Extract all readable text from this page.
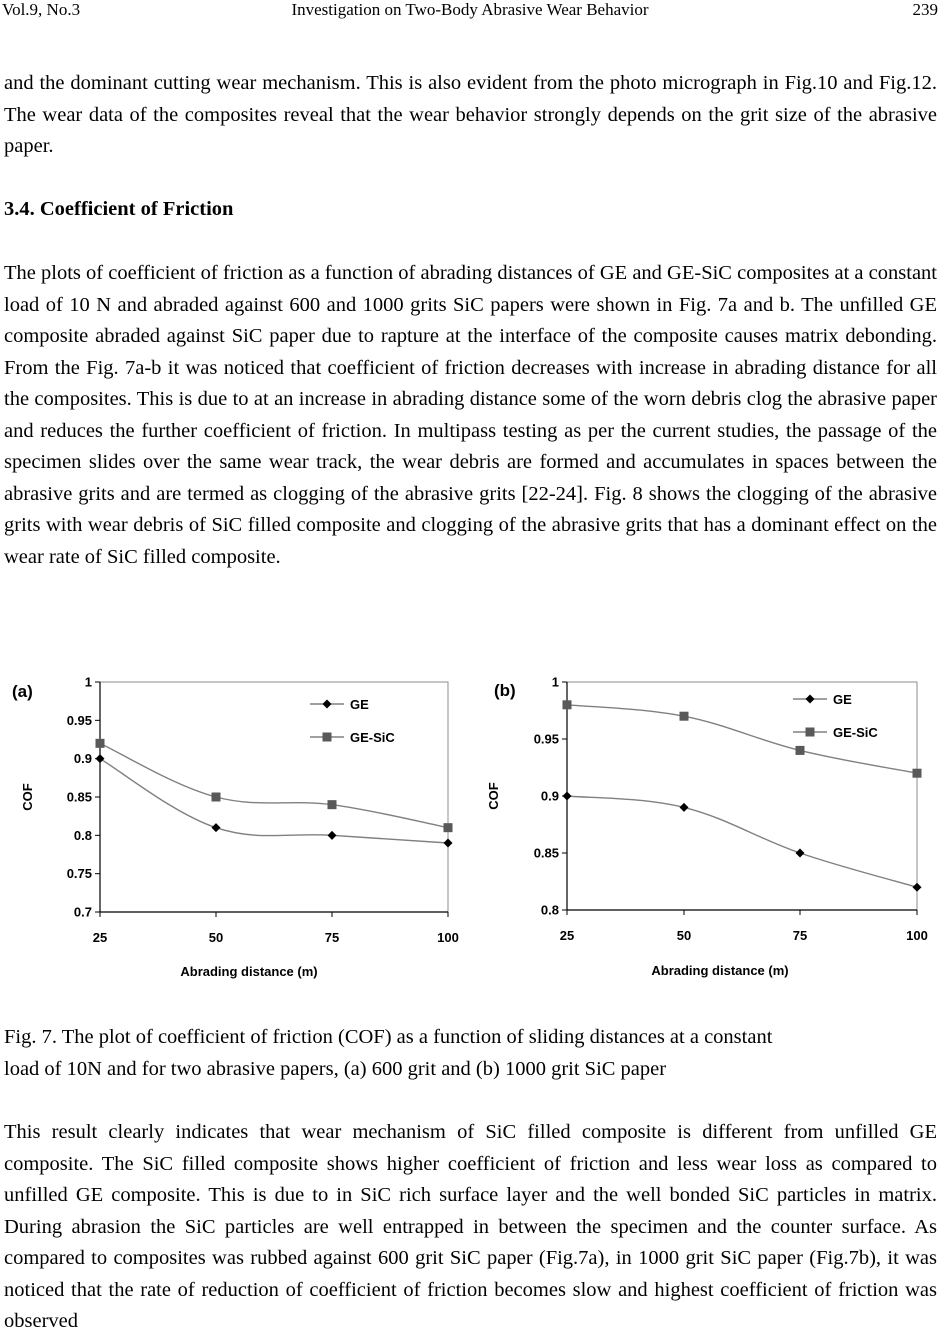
Vol.9, No.3	Investigation on Two-Body Abrasive Wear Behavior	239

and the dominant cutting wear mechanism. This is also evident from the photo micrograph in Fig.10 and Fig.12. The wear data of the composites reveal that the wear behavior strongly depends on the grit size of the abrasive paper.

3.4. Coefficient of Friction

The plots of coefficient of friction as a function of abrading distances of GE and GE-SiC composites at a constant load of 10 N and abraded against 600 and 1000 grits SiC papers were shown in Fig. 7a and b. The unfilled GE composite abraded against SiC paper due to rapture at the interface of the composite causes matrix debonding. From the Fig. 7a-b it was noticed that coefficient of friction decreases with increase in abrading distance for all the composites. This is due to at an increase in abrading distance some of the worn debris clog the abrasive paper and reduces the further coefficient of friction. In multipass testing as per the current studies, the passage of the specimen slides over the same wear track, the wear debris are formed and accumulates in spaces between the abrasive grits and are termed as clogging of the abrasive grits [22-24]. Fig. 8 shows the clogging of the abrasive grits with wear debris of SiC filled composite and clogging of the abrasive grits that has a dominant effect on the wear rate of SiC filled composite.

0.7
0.75
0.8
0.85
0.9
0.95
1
25	50	75	100
Abrading distance (m)
COF
(a)
GE
GE-SiC
0.8
0.85
0.9
0.95
1
25	50	75	100
Abrading distance (m)
COF
(b)	GE
GE-SiC
Fig. 7. The plot of coefficient of friction (COF) as a function of sliding distances at a constant
load of 10N and for two abrasive papers, (a) 600 grit and (b) 1000 grit SiC paper

This result clearly indicates that wear mechanism of SiC filled composite is different from unfilled GE composite. The SiC filled composite shows higher coefficient of friction and less wear loss as compared to unfilled GE composite. This is due to in SiC rich surface layer and the well bonded SiC particles in matrix. During abrasion the SiC particles are well entrapped in between the specimen and the counter surface. As compared to composites was rubbed against 600 grit SiC paper (Fig.7a), in 1000 grit SiC paper (Fig.7b), it was noticed that the rate of reduction of coefficient of friction becomes slow and highest coefficient of friction was observed
